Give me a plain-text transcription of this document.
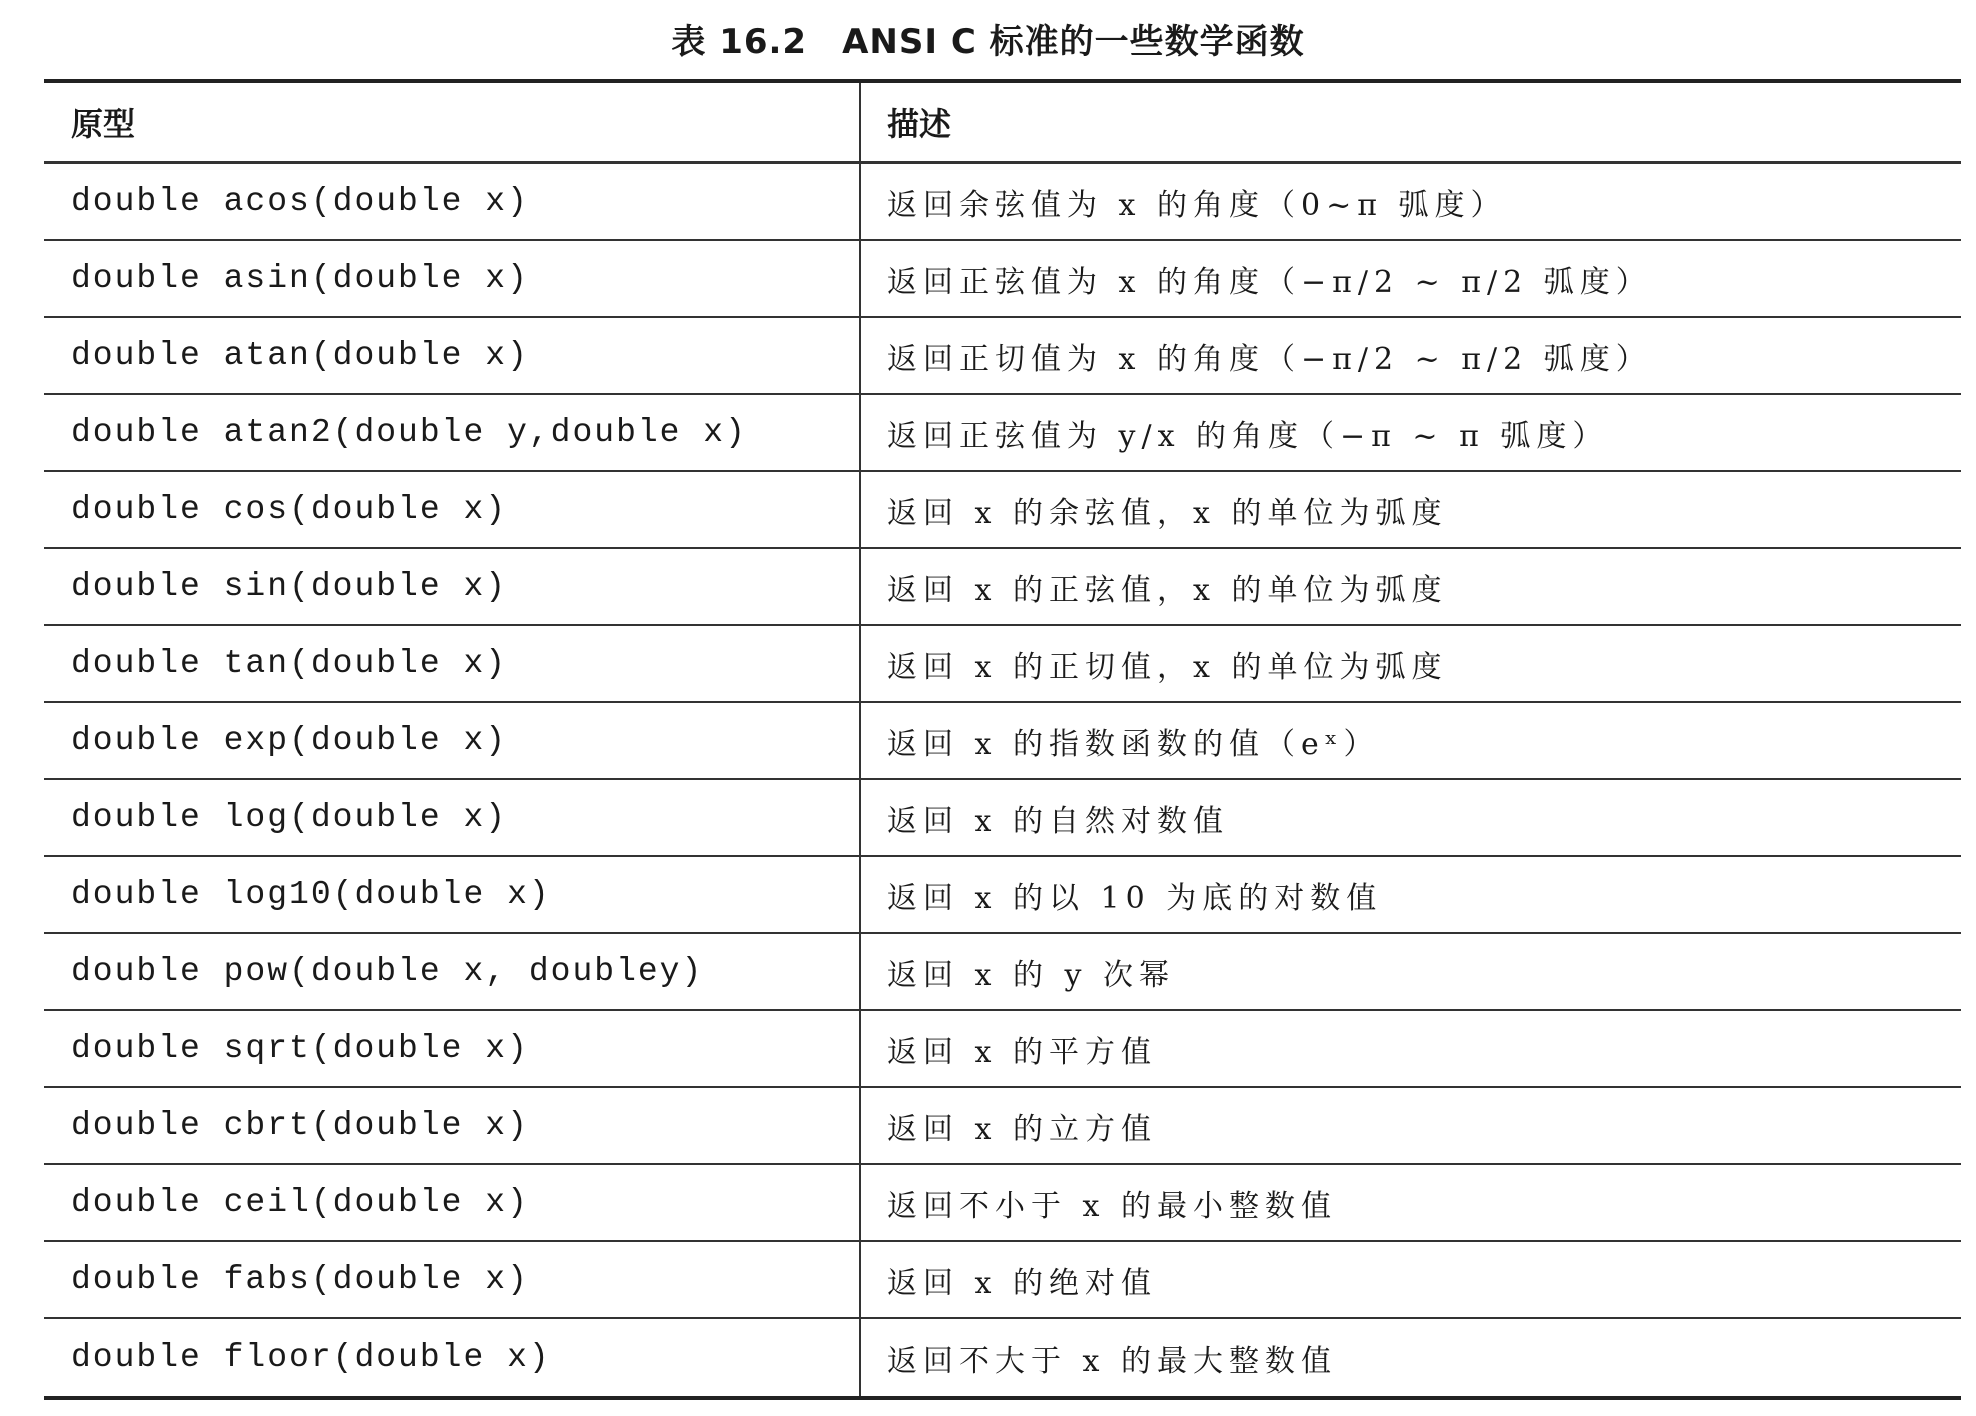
表 16.2　ANSI C 标准的一些数学函数
原型	描述
double acos(double x)	返回余弦值为 x 的角度（0~π 弧度）
double asin(double x)	返回正弦值为 x 的角度（−π/2 ~ π/2 弧度）
double atan(double x)	返回正切值为 x 的角度（−π/2 ~ π/2 弧度）
double atan2(double y,double x)	返回正弦值为 y/x 的角度（−π ~ π 弧度）
double cos(double x)	返回 x 的余弦值，x 的单位为弧度
double sin(double x)	返回 x 的正弦值，x 的单位为弧度
double tan(double x)	返回 x 的正切值，x 的单位为弧度
double exp(double x)	返回 x 的指数函数的值（eˣ）
double log(double x)	返回 x 的自然对数值
double log10(double x)	返回 x 的以 10 为底的对数值
double pow(double x, doubley)	返回 x 的 y 次幂
double sqrt(double x)	返回 x 的平方值
double cbrt(double x)	返回 x 的立方值
double ceil(double x)	返回不小于 x 的最小整数值
double fabs(double x)	返回 x 的绝对值
double floor(double x)	返回不大于 x 的最大整数值
